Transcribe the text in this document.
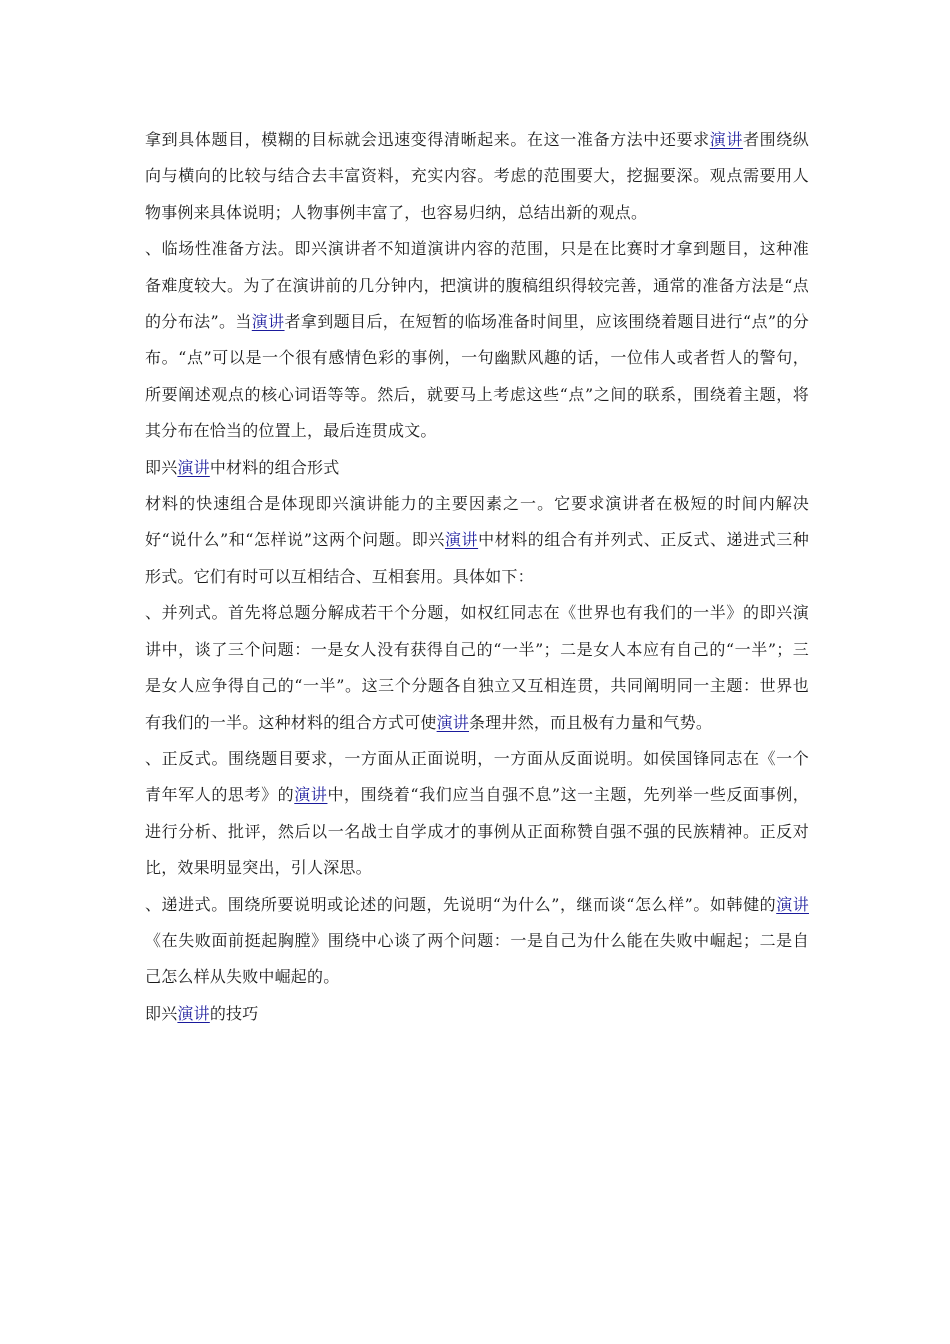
拿到具体题目，模糊的目标就会迅速变得清晰起来。在这一准备方法中还要求演讲者围绕纵向与横向的比较与结合去丰富资料，充实内容。考虑的范围要大，挖掘要深。观点需要用人物事例来具体说明；人物事例丰富了，也容易归纳，总结出新的观点。

、临场性准备方法。即兴演讲者不知道演讲内容的范围，只是在比赛时才拿到题目，这种准备难度较大。为了在演讲前的几分钟内，把演讲的腹稿组织得较完善，通常的准备方法是“点的分布法”。当演讲者拿到题目后，在短暂的临场准备时间里，应该围绕着题目进行“点”的分布。“点”可以是一个很有感情色彩的事例，一句幽默风趣的话，一位伟人或者哲人的警句，所要阐述观点的核心词语等等。然后，就要马上考虑这些“点”之间的联系，围绕着主题，将其分布在恰当的位置上，最后连贯成文。

即兴演讲中材料的组合形式

材料的快速组合是体现即兴演讲能力的主要因素之一。它要求演讲者在极短的时间内解决好“说什么”和“怎样说”这两个问题。即兴演讲中材料的组合有并列式、正反式、递进式三种形式。它们有时可以互相结合、互相套用。具体如下：

、并列式。首先将总题分解成若干个分题，如权红同志在《世界也有我们的一半》的即兴演讲中，谈了三个问题：一是女人没有获得自己的“一半”；二是女人本应有自己的“一半”；三是女人应争得自己的“一半”。这三个分题各自独立又互相连贯，共同阐明同一主题：世界也有我们的一半。这种材料的组合方式可使演讲条理井然，而且极有力量和气势。

、正反式。围绕题目要求，一方面从正面说明，一方面从反面说明。如侯国锋同志在《一个青年军人的思考》的演讲中，围绕着“我们应当自强不息”这一主题，先列举一些反面事例，进行分析、批评，然后以一名战士自学成才的事例从正面称赞自强不强的民族精神。正反对比，效果明显突出，引人深思。

、递进式。围绕所要说明或论述的问题，先说明“为什么”，继而谈“怎么样”。如韩健的演讲《在失败面前挺起胸膛》围绕中心谈了两个问题：一是自己为什么能在失败中崛起；二是自己怎么样从失败中崛起的。

即兴演讲的技巧
